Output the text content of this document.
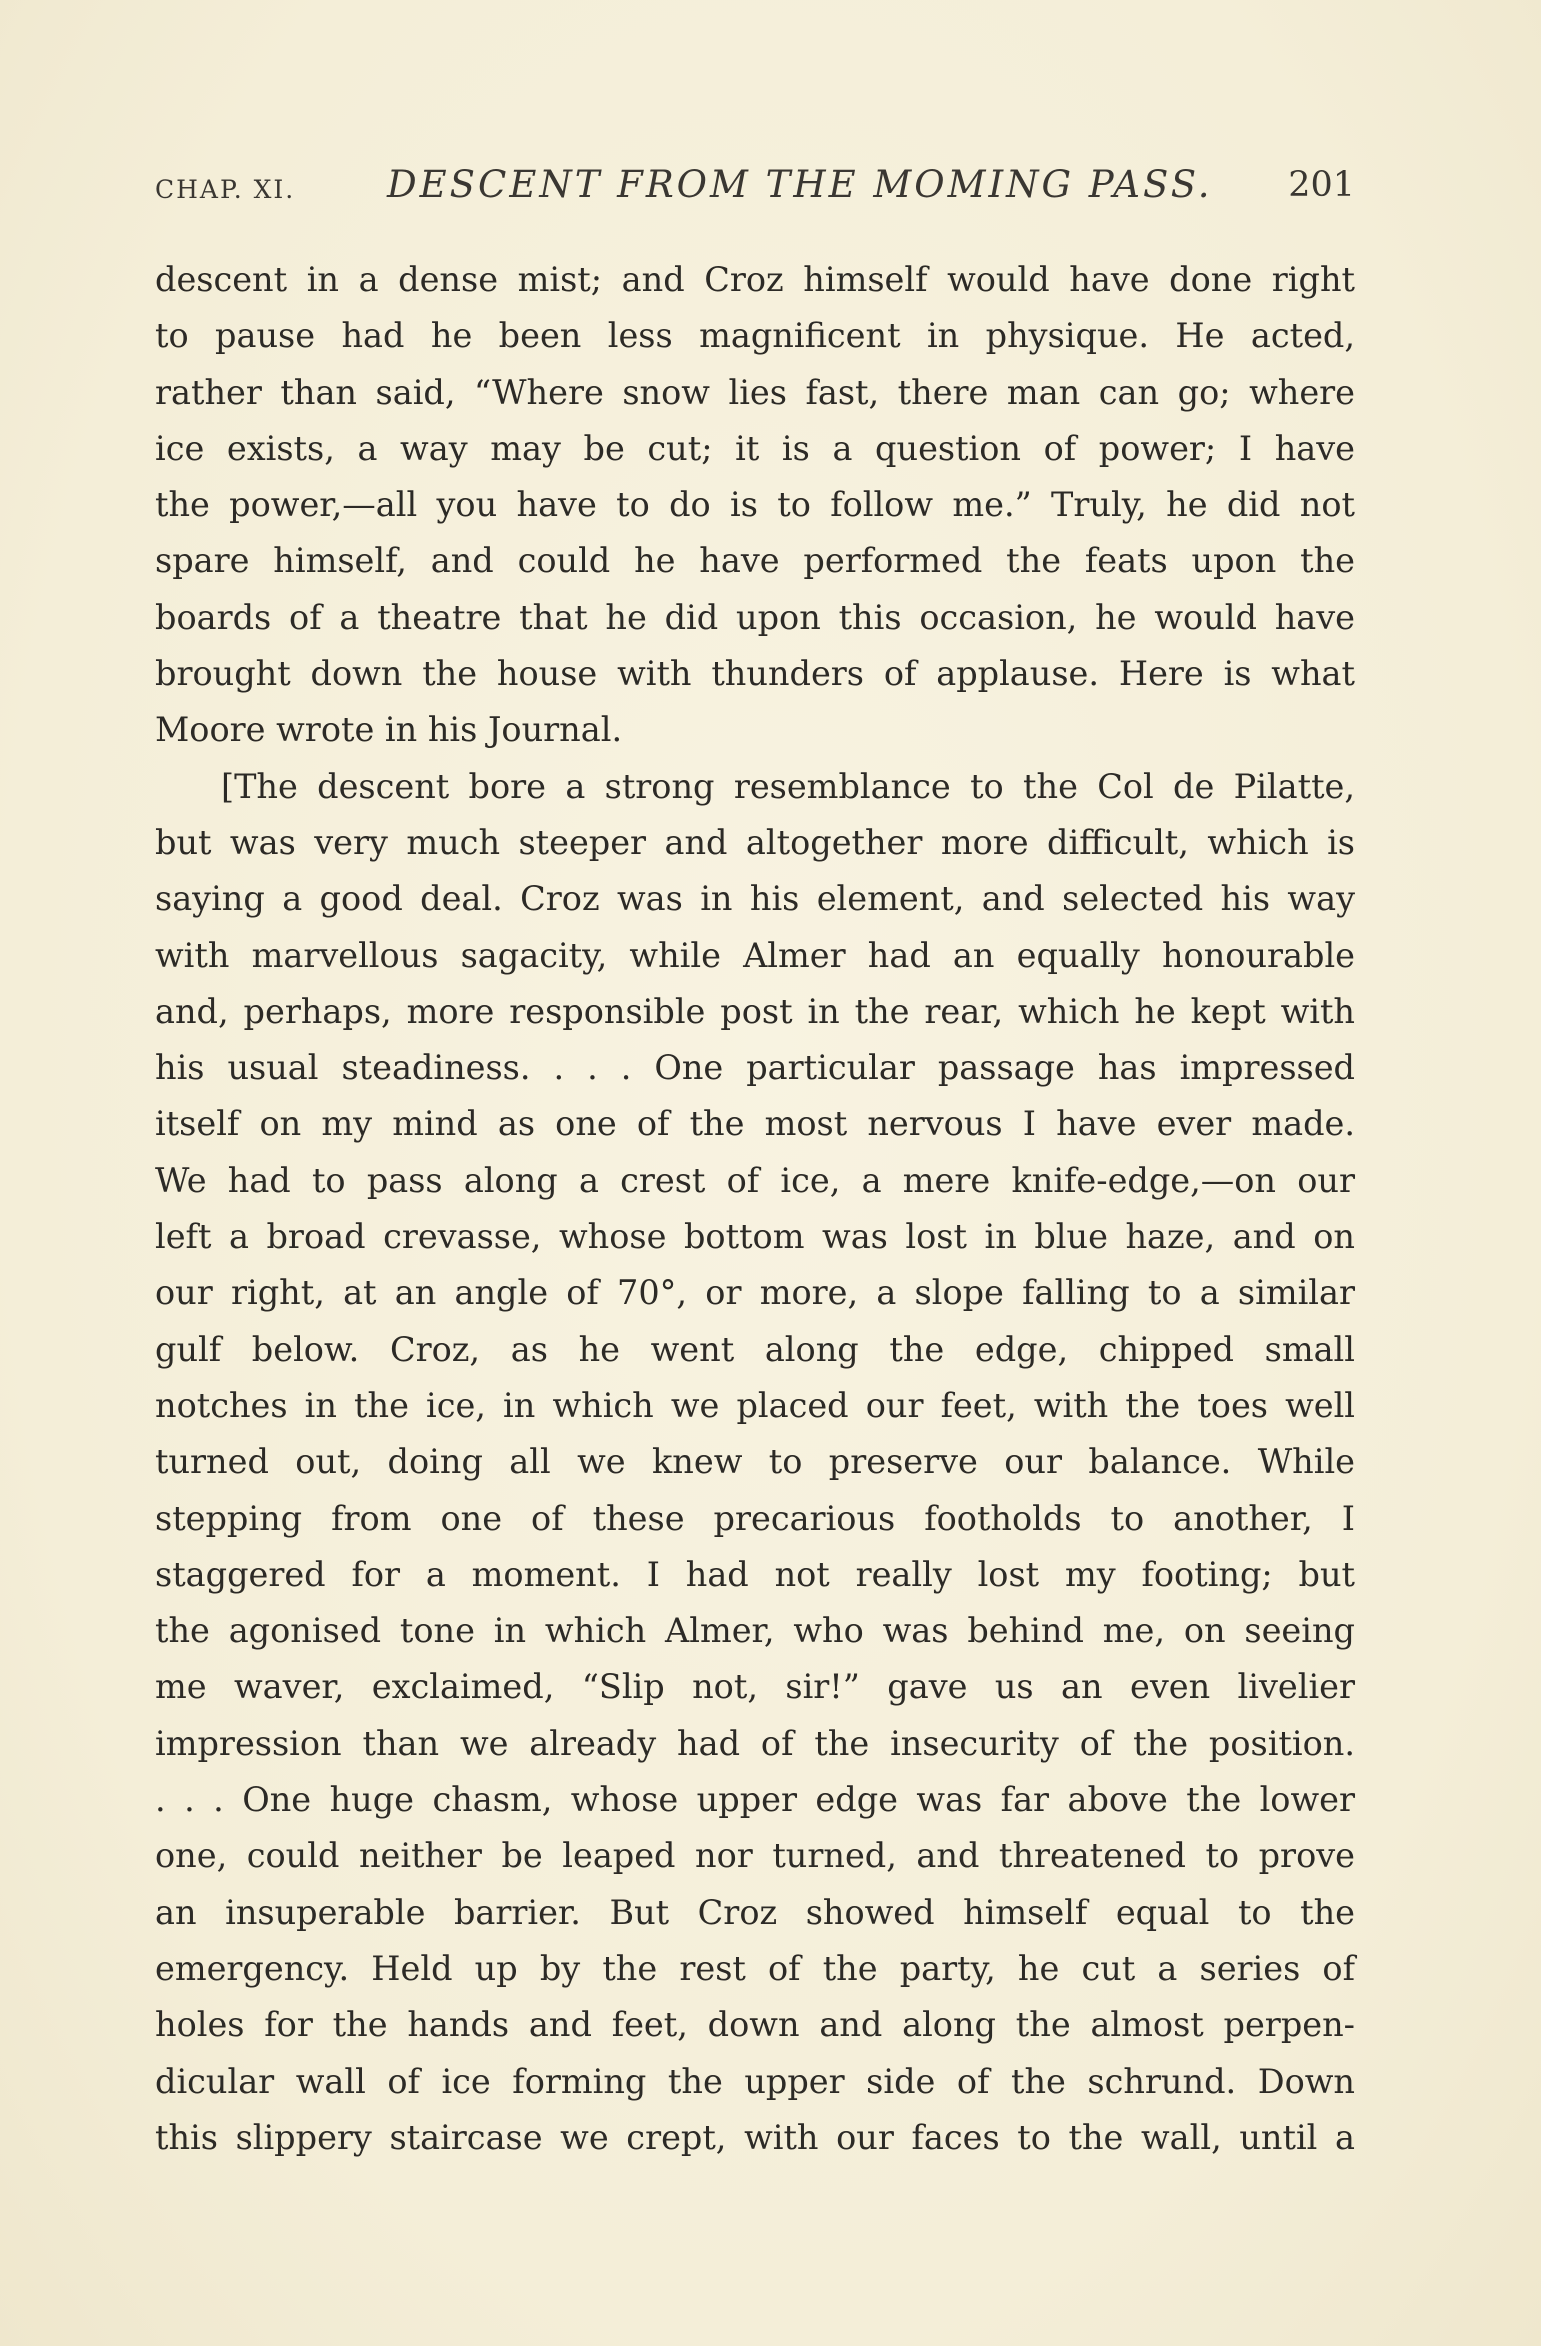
CHAP. XI. DESCENT FROM THE MOMING PASS. 201
descent in a dense mist; and Croz himself would have done right
to pause had he been less magnificent in physique. He acted,
rather than said, “Where snow lies fast, there man can go; where
ice exists, a way may be cut; it is a question of power; I have
the power,—all you have to do is to follow me.” Truly, he did not
spare himself, and could he have performed the feats upon the
boards of a theatre that he did upon this occasion, he would have
brought down the house with thunders of applause. Here is what
Moore wrote in his Journal.
[The descent bore a strong resemblance to the Col de Pilatte,
but was very much steeper and altogether more difficult, which is
saying a good deal. Croz was in his element, and selected his way
with marvellous sagacity, while Almer had an equally honourable
and, perhaps, more responsible post in the rear, which he kept with
his usual steadiness. . . . One particular passage has impressed
itself on my mind as one of the most nervous I have ever made.
We had to pass along a crest of ice, a mere knife-edge,—on our
left a broad crevasse, whose bottom was lost in blue haze, and on
our right, at an angle of 70°, or more, a slope falling to a similar
gulf below. Croz, as he went along the edge, chipped small
notches in the ice, in which we placed our feet, with the toes well
turned out, doing all we knew to preserve our balance. While
stepping from one of these precarious footholds to another, I
staggered for a moment. I had not really lost my footing; but
the agonised tone in which Almer, who was behind me, on seeing
me waver, exclaimed, “Slip not, sir!” gave us an even livelier
impression than we already had of the insecurity of the position.
. . . One huge chasm, whose upper edge was far above the lower
one, could neither be leaped nor turned, and threatened to prove
an insuperable barrier. But Croz showed himself equal to the
emergency. Held up by the rest of the party, he cut a series of
holes for the hands and feet, down and along the almost perpen-
dicular wall of ice forming the upper side of the schrund. Down
this slippery staircase we crept, with our faces to the wall, until a
